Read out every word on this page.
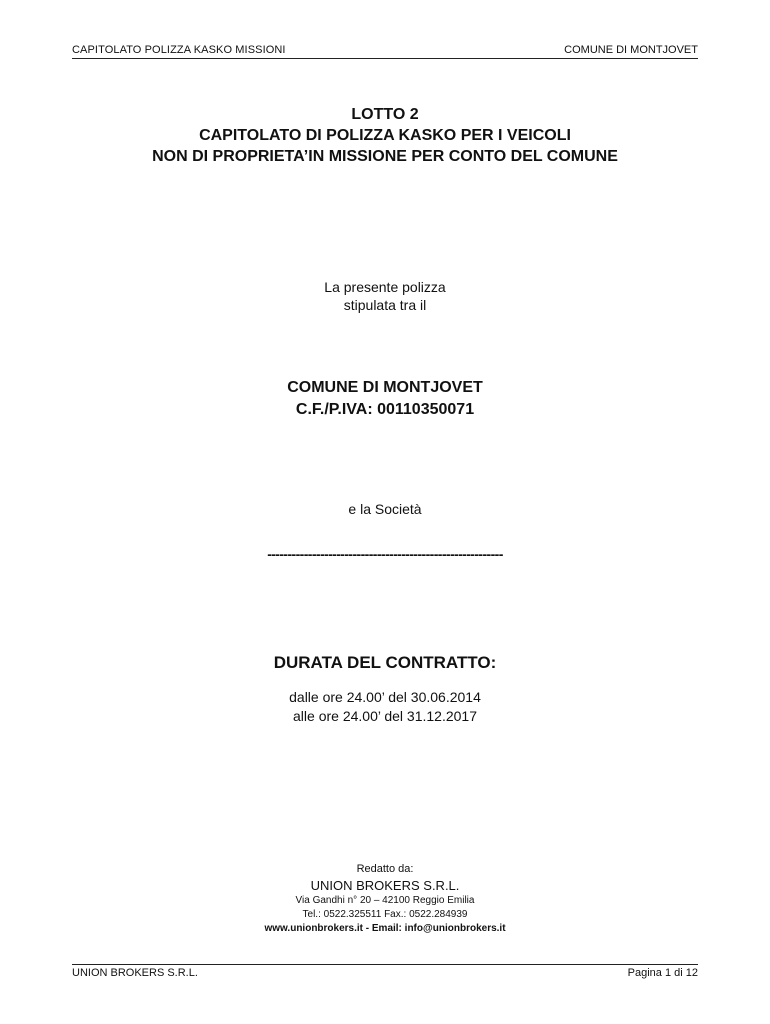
CAPITOLATO POLIZZA KASKO MISSIONI	COMUNE DI MONTJOVET
LOTTO 2
CAPITOLATO DI POLIZZA KASKO PER I VEICOLI
NON DI PROPRIETA’IN MISSIONE PER CONTO DEL COMUNE
La presente polizza
stipulata tra il
COMUNE DI MONTJOVET
C.F./P.IVA: 00110350071
e la Società
----------------------------------------------------------
DURATA DEL CONTRATTO:
dalle ore 24.00’ del 30.06.2014
alle ore 24.00’ del 31.12.2017
Redatto da:
UNION BROKERS S.R.L.
Via Gandhi n° 20 – 42100 Reggio Emilia
Tel.: 0522.325511 Fax.: 0522.284939
www.unionbrokers.it - Email: info@unionbrokers.it
UNION BROKERS S.R.L.	Pagina 1 di 12
